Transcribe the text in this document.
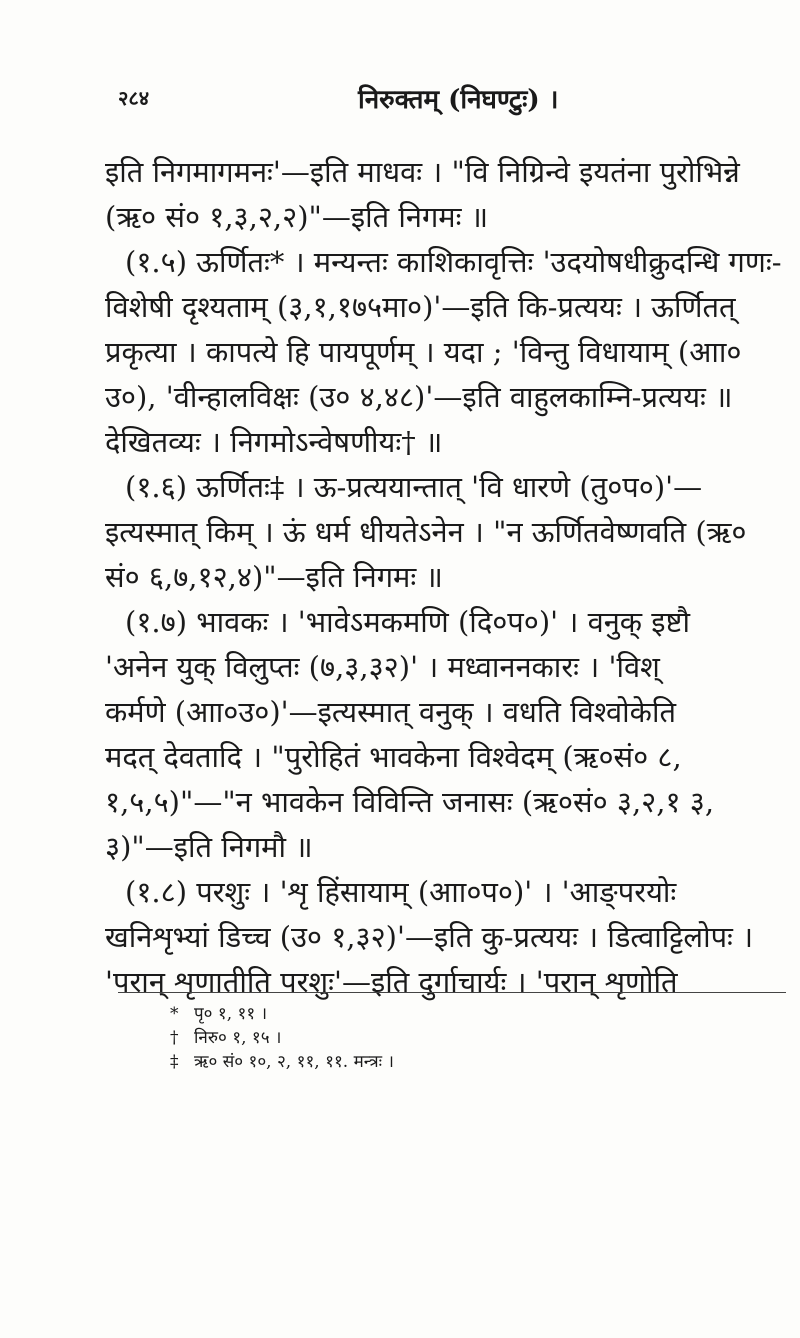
२८४	निरुक्तम् (निघण्टुः) ।
इति निगमागमनः'—इति माधवः । "वि निग्रिन्वे इयतंना पुरोभिन्ने
(ऋ० सं० १,३,२,२)"—इति निगमः ॥
(१.५) ऊर्णितः* । मन्यन्तः काशिकावृत्तिः 'उदयोषधीक्रुदन्धि गणः-
विशेषी दृश्यताम् (३,१,१७५मा०)'—इति कि-प्रत्ययः । ऊर्णितत्
प्रकृत्या । कापत्ये हि पायपूर्णम् । यदा ; 'विन्तु विधायाम् (आा०
उ०), 'वीन्हालविक्षः (उ० ४,४८)'—इति वाहुलकाम्नि-प्रत्ययः ॥
देखितव्यः । निगमोऽन्वेषणीयः† ॥
(१.६) ऊर्णितः‡ । ऊ-प्रत्ययान्तात् 'वि धारणे (तु०प०)'—
इत्यस्मात् किम् । ऊं धर्म धीयतेऽनेन । "न ऊर्णितवेष्णवति (ऋ०
सं० ६,७,१२,४)"—इति निगमः ॥
(१.७) भावकः । 'भावेऽमकमणि (दि०प०)' । वनुक् इष्टौ
'अनेन युक् विलुप्तः (७,३,३२)' । मध्वाननकारः । 'विश्
कर्मणे (आा०उ०)'—इत्यस्मात् वनुक् । वधति विश्वोकेति
मदत् देवतादि । "पुरोहितं भावकेना विश्वेदम् (ऋ०सं० ८,
१,५,५)"—"न भावकेन विविन्ति जनासः (ऋ०सं० ३,२,१ ३,
३)"—इति निगमौ ॥
(१.८) परशुः । 'शृ हिंसायाम् (आा०प०)' । 'आङ्परयोः
खनिशृभ्यां डिच्च (उ० १,३२)'—इति कु-प्रत्ययः । डित्वाट्टिलोपः ।
'परान् शृणातीति परशुः'—इति दुर्गाचार्यः । 'परान् शृणोति
* पृ० १, ११ ।
† निरु० १, १५ ।
‡ ऋ० सं० १०, २, ११, ११. मन्त्रः ।
